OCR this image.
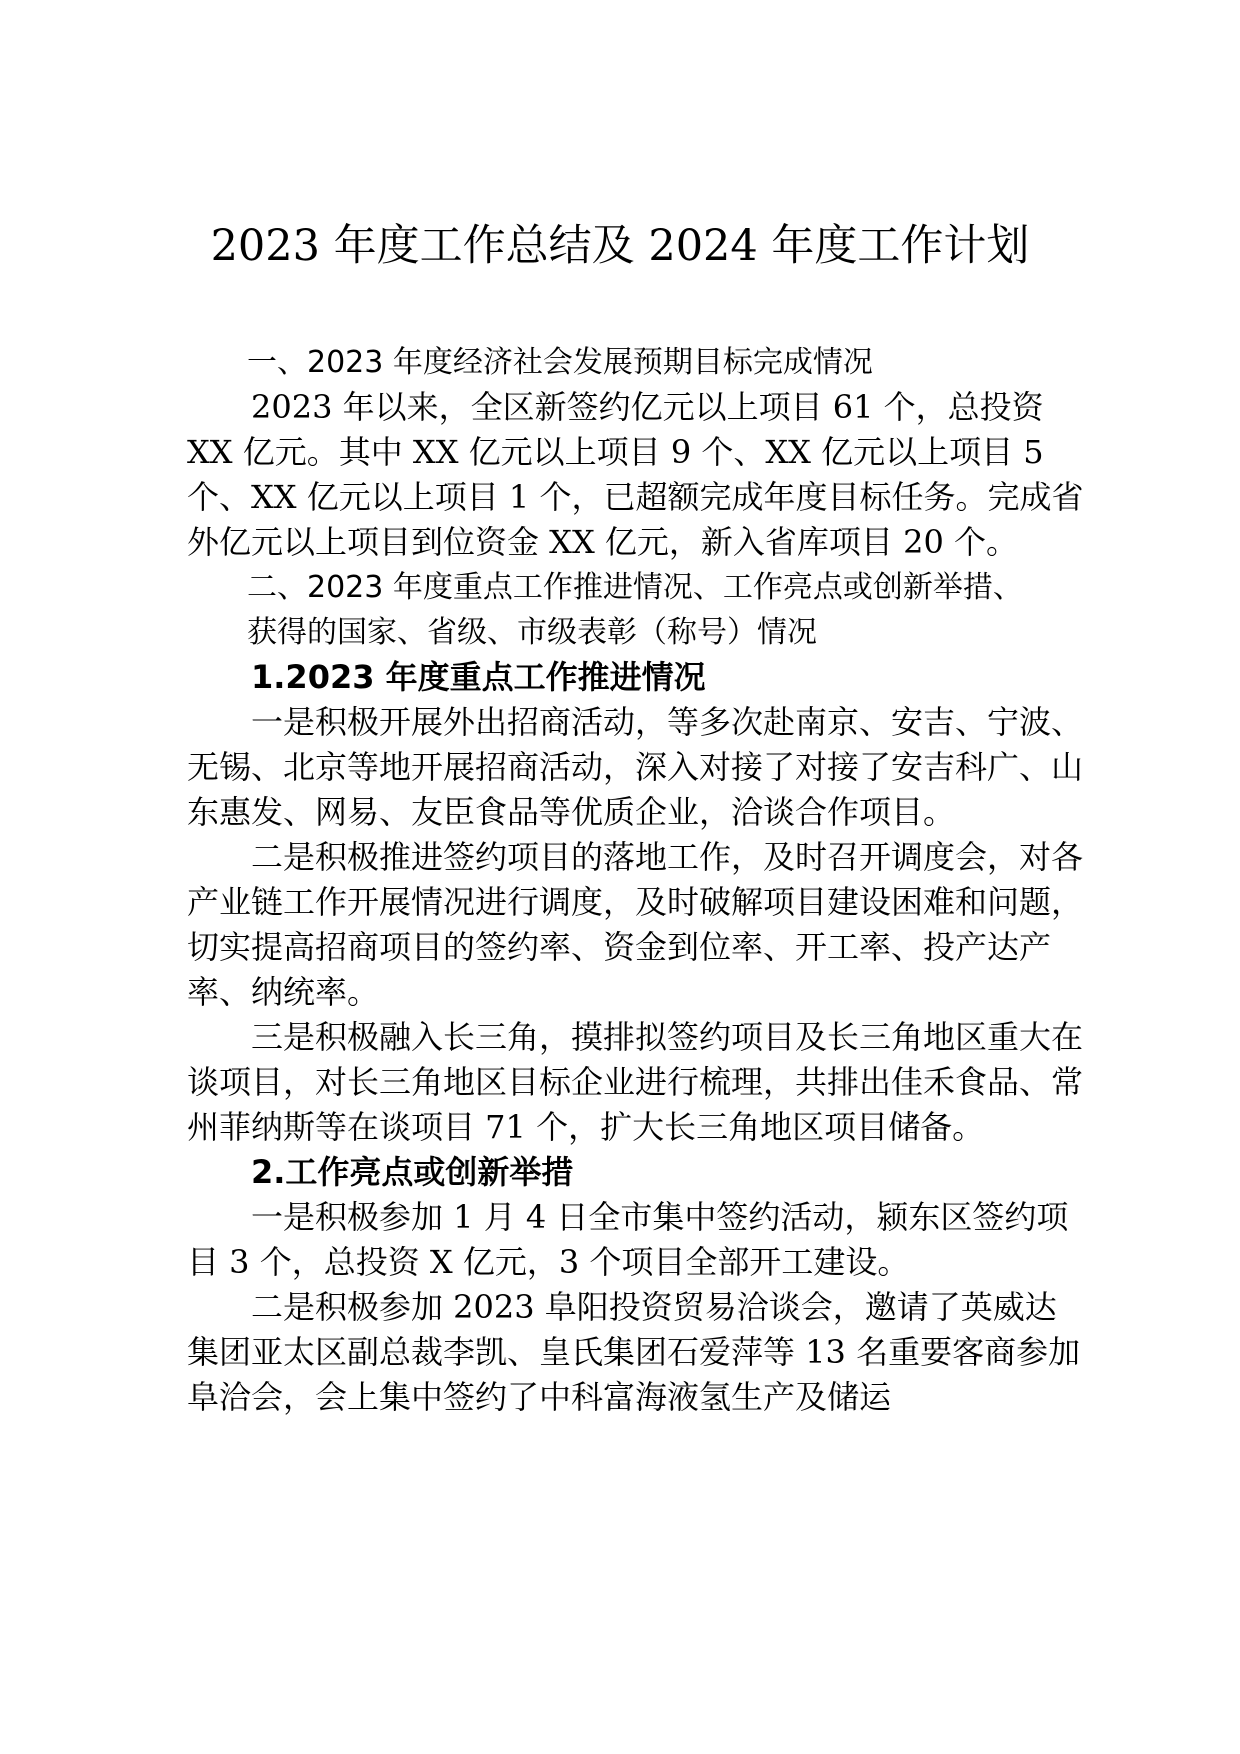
2023 年度工作总结及 2024 年度工作计划

一、2023 年度经济社会发展预期目标完成情况

2023 年以来，全区新签约亿元以上项目 61 个，总投资 XX 亿元。其中 XX 亿元以上项目 9 个、XX 亿元以上项目 5 个、XX 亿元以上项目 1 个，已超额完成年度目标任务。完成省外亿元以上项目到位资金 XX 亿元，新入省库项目 20 个。

二、2023 年度重点工作推进情况、工作亮点或创新举措、

获得的国家、省级、市级表彰（称号）情况

1.2023 年度重点工作推进情况

一是积极开展外出招商活动，等多次赴南京、安吉、宁波、无锡、北京等地开展招商活动，深入对接了对接了安吉科广、山东惠发、网易、友臣食品等优质企业，洽谈合作项目。

二是积极推进签约项目的落地工作，及时召开调度会，对各产业链工作开展情况进行调度，及时破解项目建设困难和问题，切实提高招商项目的签约率、资金到位率、开工率、投产达产率、纳统率。

三是积极融入长三角，摸排拟签约项目及长三角地区重大在谈项目，对长三角地区目标企业进行梳理，共排出佳禾食品、常州菲纳斯等在谈项目 71 个，扩大长三角地区项目储备。

2.工作亮点或创新举措

一是积极参加 1 月 4 日全市集中签约活动，颍东区签约项目 3 个，总投资 X 亿元，3 个项目全部开工建设。

二是积极参加 2023 阜阳投资贸易洽谈会，邀请了英威达集团亚太区副总裁李凯、皇氏集团石爱萍等 13 名重要客商参加阜洽会，会上集中签约了中科富海液氢生产及储运
